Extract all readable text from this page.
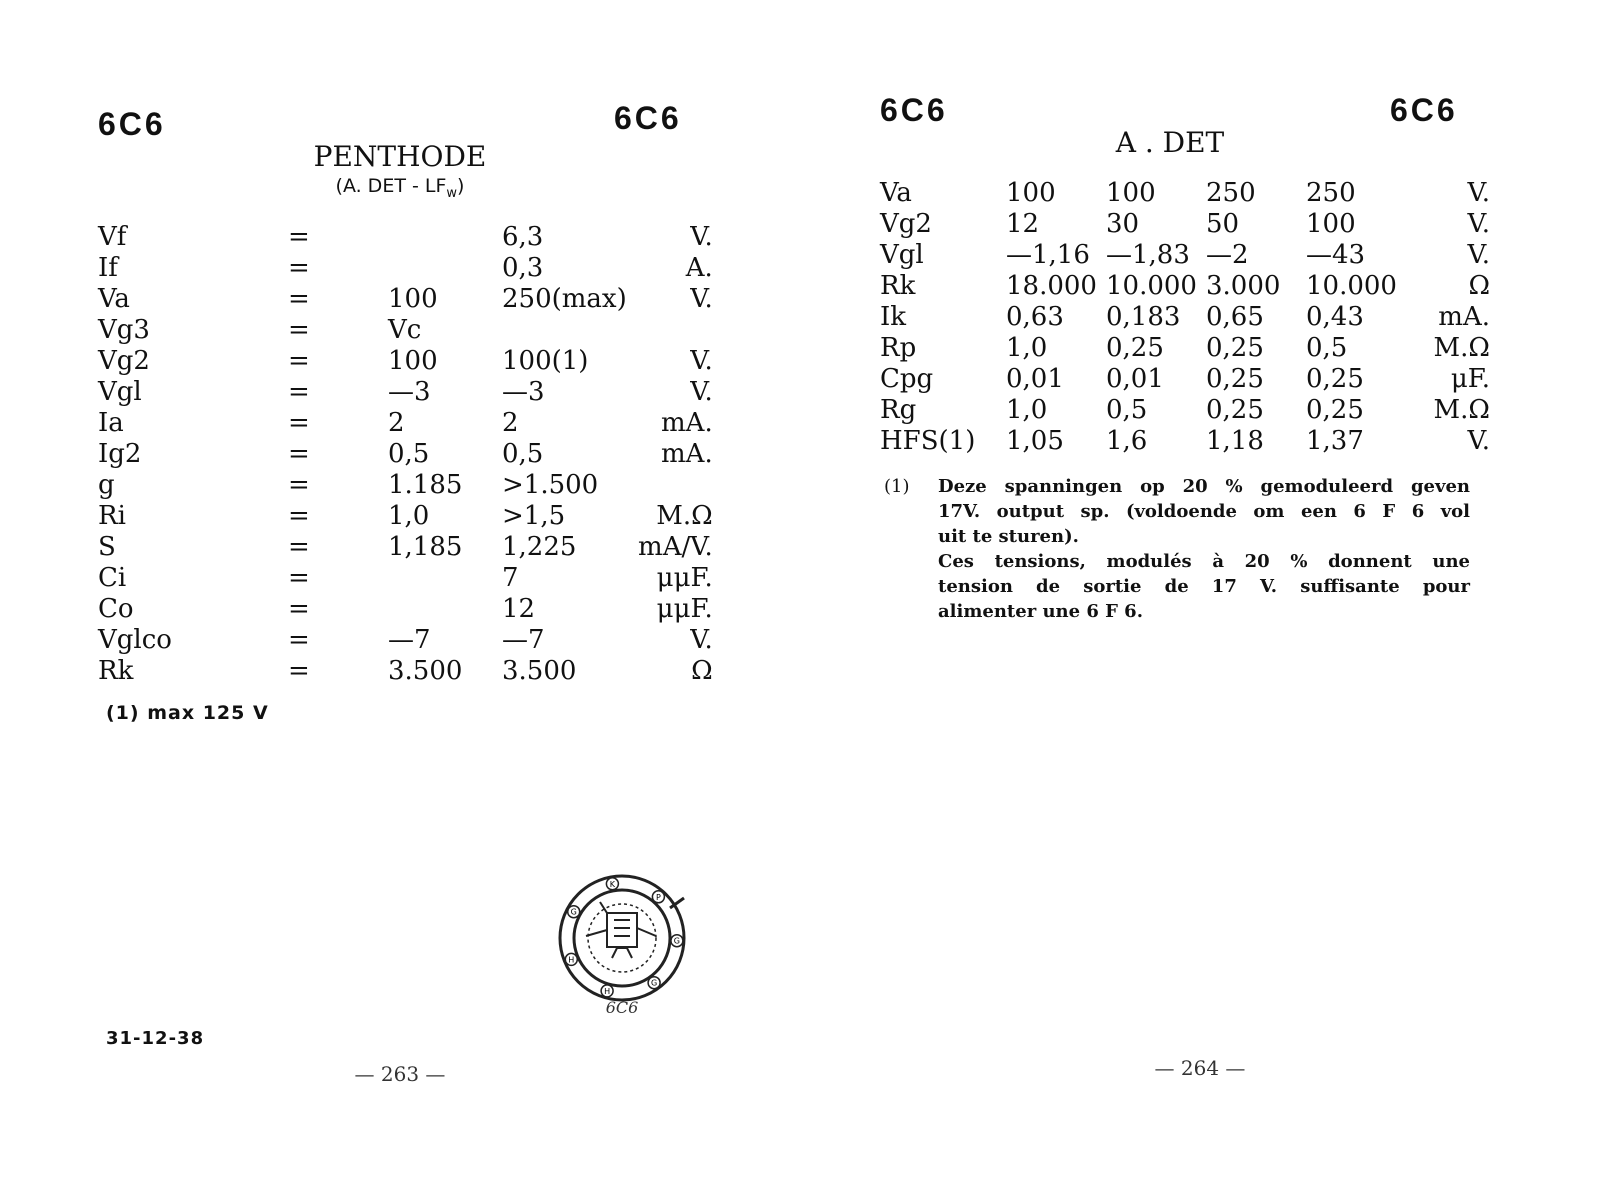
6C6	6C6
PENTHODE
(A. DET - $LF_w$)
Vf	=		6,3	V.
If	=		0,3	A.
Va	=	100	250(max)	V.
Vg3	=	Vc		
Vg2	=	100	100(1)	V.
Vgl	=	—3	—3	V.
Ia	=	2	2	mA.
Ig2	=	0,5	0,5	mA.
g	=	1.185	>1.500	
Ri	=	1,0	>1,5	M.Ω
S	=	1,185	1,225	mA/V.
Ci	=		7	μμF.
Co	=		12	μμF.
Vglco	=	—7	—7	V.
Rk	=	3.500	3.500	Ω
(1) max 125 V
K
P
G
G
H
H
G
6C6
31-12-38
— 263 —
6C6	6C6
A . DET
Va	100	100	250	250	V.
Vg2	12	30	50	100	V.
Vgl	—1,16	—1,83	—2	—43	V.
Rk	18.000	10.000	3.000	10.000	Ω
Ik	0,63	0,183	0,65	0,43	mA.
Rp	1,0	0,25	0,25	0,5	M.Ω
Cpg	0,01	0,01	0,25	0,25	μF.
Rg	1,0	0,5	0,25	0,25	M.Ω
HFS(1)	1,05	1,6	1,18	1,37	V.
(1) Deze spanningen op 20 % gemoduleerd geven

17V. output sp. (voldoende om een 6 F 6 vol

uit te sturen).

Ces tensions, modulés à 20 % donnent une

tension de sortie de 17 V. suffisante pour

alimenter une 6 F 6.

— 264 —
